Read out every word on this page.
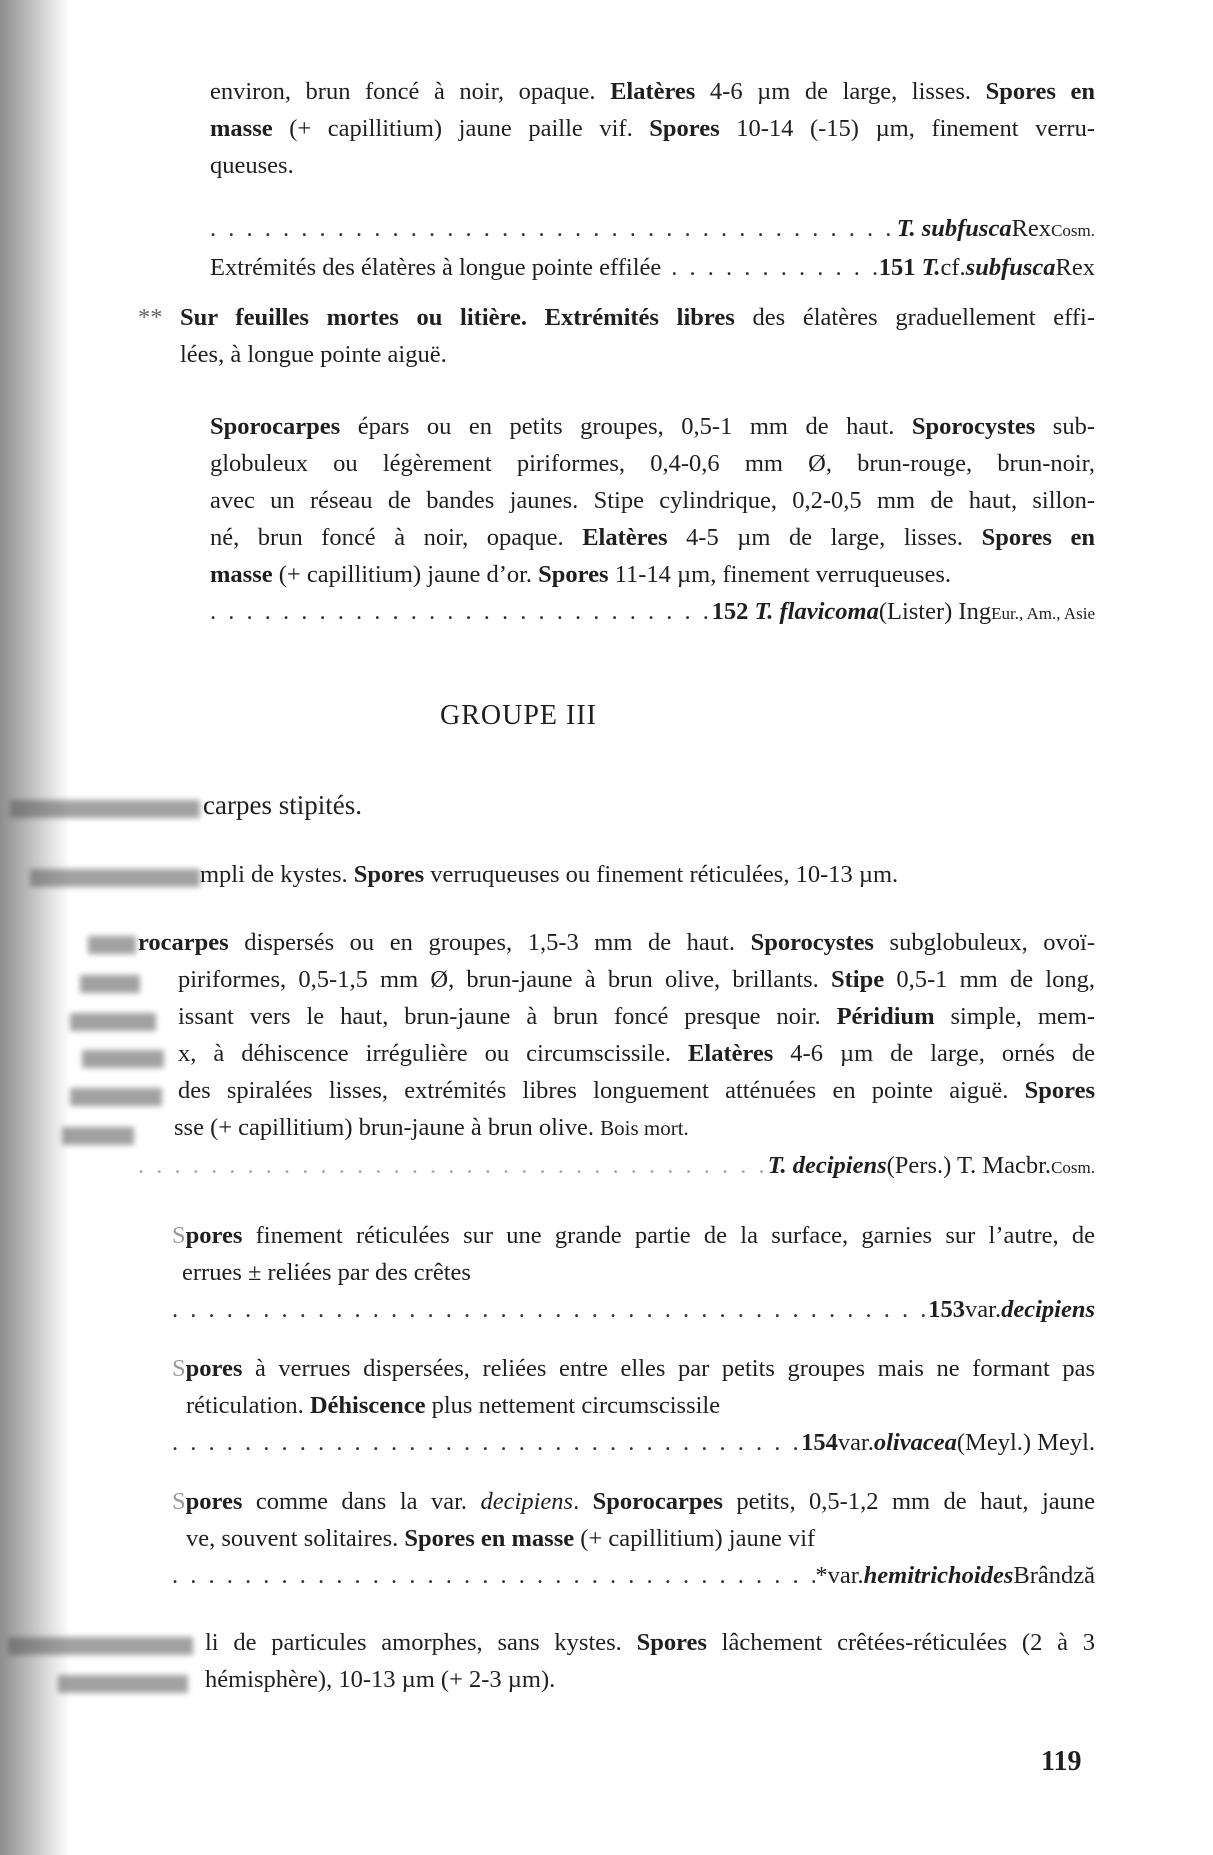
environ, brun foncé à noir, opaque. Elatères 4-6 µm de large, lisses. Spores en
masse (+ capillitium) jaune paille vif. Spores 10-14 (-15) µm, finement verru-
queuses.
. . .
T. subfusca Rex Cosm.
Extrémités des élatères à longue pointe effilée
. . .	151
T. cf. subfusca Rex
** Sur feuilles mortes ou litière. Extrémités libres des élatères graduellement effi-
lées, à longue pointe aiguë.
Sporocarpes épars ou en petits groupes, 0,5-1 mm de haut. Sporocystes sub-
globuleux ou légèrement piriformes, 0,4-0,6 mm Ø, brun-rouge, brun-noir,
avec un réseau de bandes jaunes. Stipe cylindrique, 0,2-0,5 mm de haut, sillon-
né, brun foncé à noir, opaque. Elatères 4-5 µm de large, lisses. Spores en
masse (+ capillitium) jaune d’or. Spores 11-14 µm, finement verruqueuses.
. . .
152
T. flavicoma (Lister) Ing Eur., Am., Asie
GROUPE III
carpes stipités.
mpli de kystes. Spores verruqueuses ou finement réticulées, 10-13 µm.
rocarpes dispersés ou en groupes, 1,5-3 mm de haut. Sporocystes subglobuleux, ovoï-
piriformes, 0,5-1,5 mm Ø, brun-jaune à brun olive, brillants. Stipe 0,5-1 mm de long,
issant vers le haut, brun-jaune à brun foncé presque noir. Péridium simple, mem-
x, à déhiscence irrégulière ou circumscissile. Elatères 4-6 µm de large, ornés de
des spiralées lisses, extrémités libres longuement atténuées en pointe aiguë. Spores
sse (+ capillitium) brun-jaune à brun olive. Bois mort.
. . .
T. decipiens (Pers.) T. Macbr. Cosm.
Spores finement réticulées sur une grande partie de la surface, garnies sur l’autre, de
errues ± reliées par des crêtes
. . .
153 var. decipiens
Spores à verrues dispersées, reliées entre elles par petits groupes mais ne formant pas
réticulation. Déhiscence plus nettement circumscissile
. . .
154 var. olivacea (Meyl.) Meyl.
Spores comme dans la var. decipiens. Sporocarpes petits, 0,5-1,2 mm de haut, jaune
ve, souvent solitaires. Spores en masse (+ capillitium) jaune vif
. . .
* var. hemitrichoides Brândză
li de particules amorphes, sans kystes. Spores lâchement crêtées-réticulées (2 à 3
hémisphère), 10-13 µm (+ 2-3 µm).
119
